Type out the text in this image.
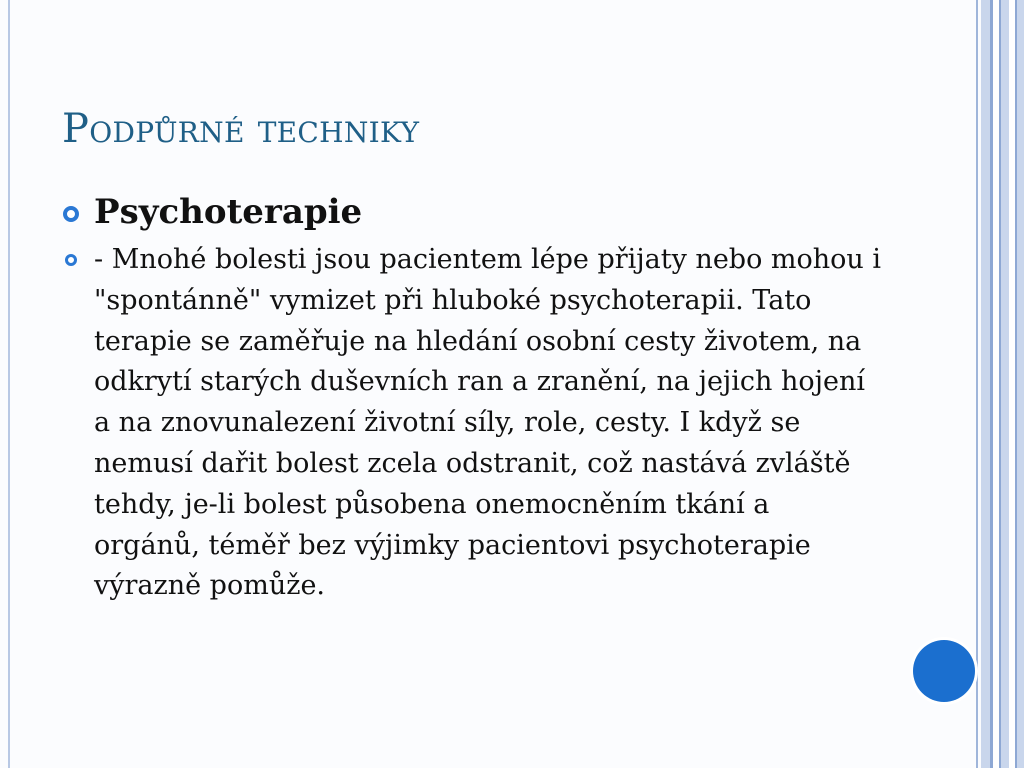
Podpůrné techniky
Psychoterapie
- Mnohé bolesti jsou pacientem lépe přijaty nebo mohou i "spontánně" vymizet při hluboké psychoterapii. Tato terapie se zaměřuje na hledání osobní cesty životem, na odkrytí starých duševních ran a zranění, na jejich hojení a na znovunalezení životní síly, role, cesty. I když se nemusí dařit bolest zcela odstranit, což nastává zvláště tehdy, je-li bolest působena onemocněním tkání a orgánů, téměř bez výjimky pacientovi psychoterapie výrazně pomůže.
